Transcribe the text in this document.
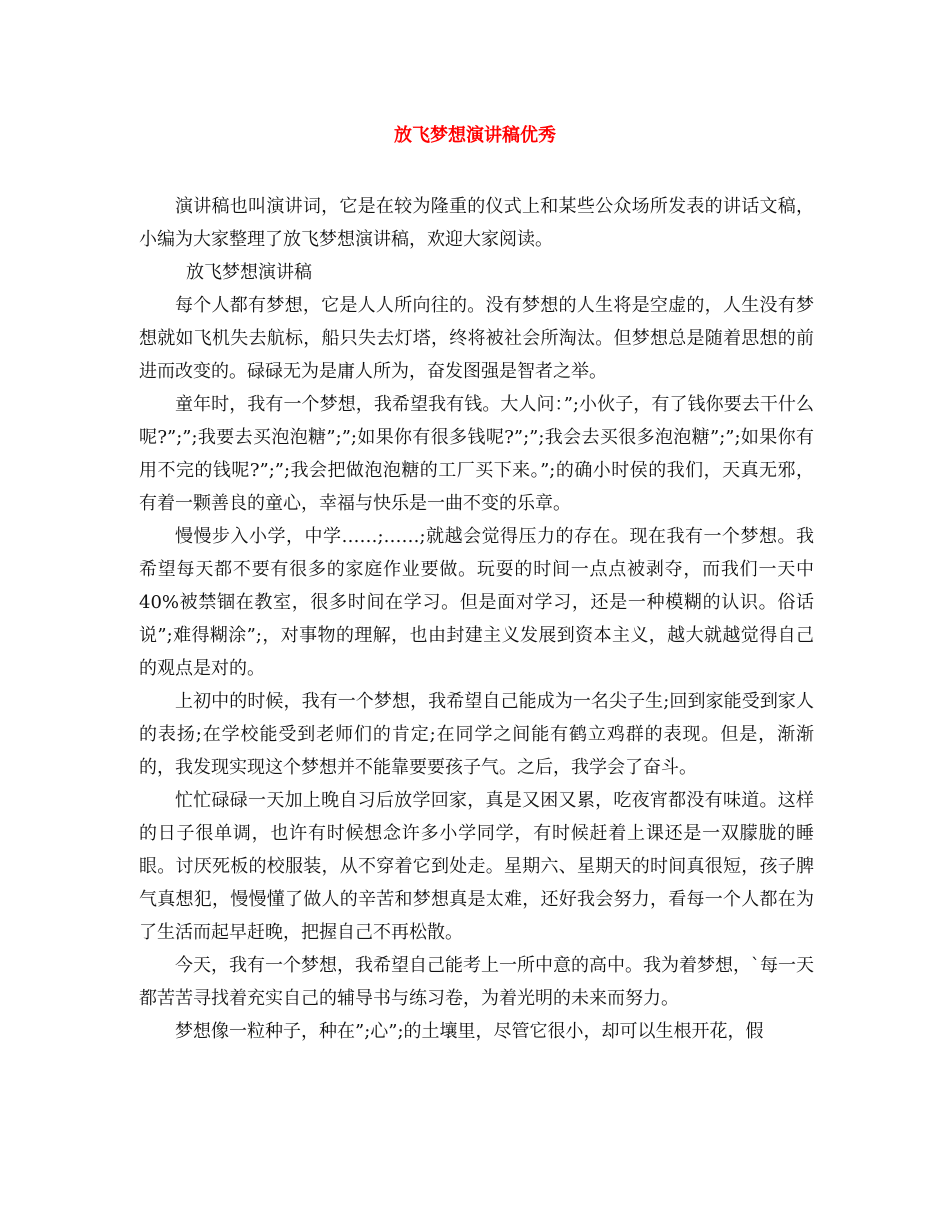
放飞梦想演讲稿优秀

演讲稿也叫演讲词，它是在较为隆重的仪式上和某些公众场所发表的讲话文稿，小编为大家整理了放飞梦想演讲稿，欢迎大家阅读。

放飞梦想演讲稿

每个人都有梦想，它是人人所向往的。没有梦想的人生将是空虚的，人生没有梦想就如飞机失去航标，船只失去灯塔，终将被社会所淘汰。但梦想总是随着思想的前进而改变的。碌碌无为是庸人所为，奋发图强是智者之举。

童年时，我有一个梦想，我希望我有钱。大人问：”;小伙子，有了钱你要去干什么呢?”;”;我要去买泡泡糖”;”;如果你有很多钱呢?”;”;我会去买很多泡泡糖”;”;如果你有用不完的钱呢?”;”;我会把做泡泡糖的工厂买下来。”;的确小时侯的我们，天真无邪，有着一颗善良的童心，幸福与快乐是一曲不变的乐章。

慢慢步入小学，中学……;……;就越会觉得压力的存在。现在我有一个梦想。我希望每天都不要有很多的家庭作业要做。玩耍的时间一点点被剥夺，而我们一天中40%被禁锢在教室，很多时间在学习。但是面对学习，还是一种模糊的认识。俗话说”;难得糊涂”;，对事物的理解，也由封建主义发展到资本主义，越大就越觉得自己的观点是对的。

上初中的时候，我有一个梦想，我希望自己能成为一名尖子生;回到家能受到家人的表扬;在学校能受到老师们的肯定;在同学之间能有鹤立鸡群的表现。但是，渐渐的，我发现实现这个梦想并不能靠要要孩子气。之后，我学会了奋斗。

忙忙碌碌一天加上晚自习后放学回家，真是又困又累，吃夜宵都没有味道。这样的日子很单调，也许有时候想念许多小学同学，有时候赶着上课还是一双朦胧的睡眼。讨厌死板的校服装，从不穿着它到处走。星期六、星期天的时间真很短，孩子脾气真想犯，慢慢懂了做人的辛苦和梦想真是太难，还好我会努力，看每一个人都在为了生活而起早赶晚，把握自己不再松散。

今天，我有一个梦想，我希望自己能考上一所中意的高中。我为着梦想，`每一天都苦苦寻找着充实自己的辅导书与练习卷，为着光明的未来而努力。

梦想像一粒种子，种在”;心”;的土壤里，尽管它很小，却可以生根开花，假
